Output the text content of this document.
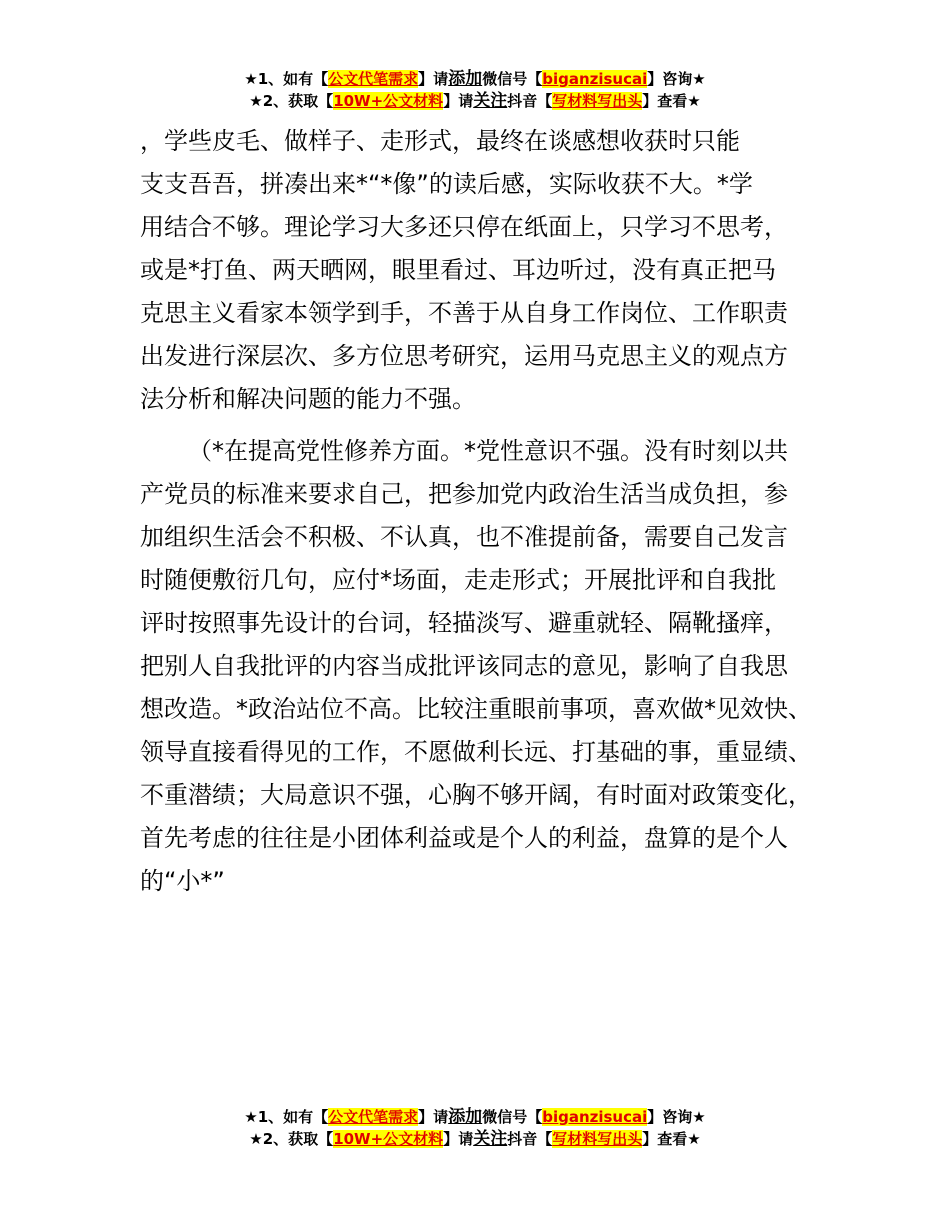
★1、如有【公文代笔需求】请添加微信号【biganzisucai】咨询★
★2、获取【10W+公文材料】请关注抖音【写材料写出头】查看★

，学些皮毛、做样子、走形式，最终在谈感想收获时只能
支支吾吾，拼凑出来*“*像”的读后感，实际收获不大。*学
用结合不够。理论学习大多还只停在纸面上，只学习不思考，
或是*打鱼、两天晒网，眼里看过、耳边听过，没有真正把马
克思主义看家本领学到手，不善于从自身工作岗位、工作职责
出发进行深层次、多方位思考研究，运用马克思主义的观点方
法分析和解决问题的能力不强。

（*在提高党性修养方面。*党性意识不强。没有时刻以共
产党员的标准来要求自己，把参加党内政治生活当成负担，参
加组织生活会不积极、不认真，也不准提前备，需要自己发言
时随便敷衍几句，应付*场面，走走形式；开展批评和自我批
评时按照事先设计的台词，轻描淡写、避重就轻、隔靴搔痒，
把别人自我批评的内容当成批评该同志的意见，影响了自我思
想改造。*政治站位不高。比较注重眼前事项，喜欢做*见效快、
领导直接看得见的工作，不愿做利长远、打基础的事，重显绩、
不重潜绩；大局意识不强，心胸不够开阔，有时面对政策变化，
首先考虑的往往是小团体利益或是个人的利益，盘算的是个人
的“小*”

★1、如有【公文代笔需求】请添加微信号【biganzisucai】咨询★
★2、获取【10W+公文材料】请关注抖音【写材料写出头】查看★
